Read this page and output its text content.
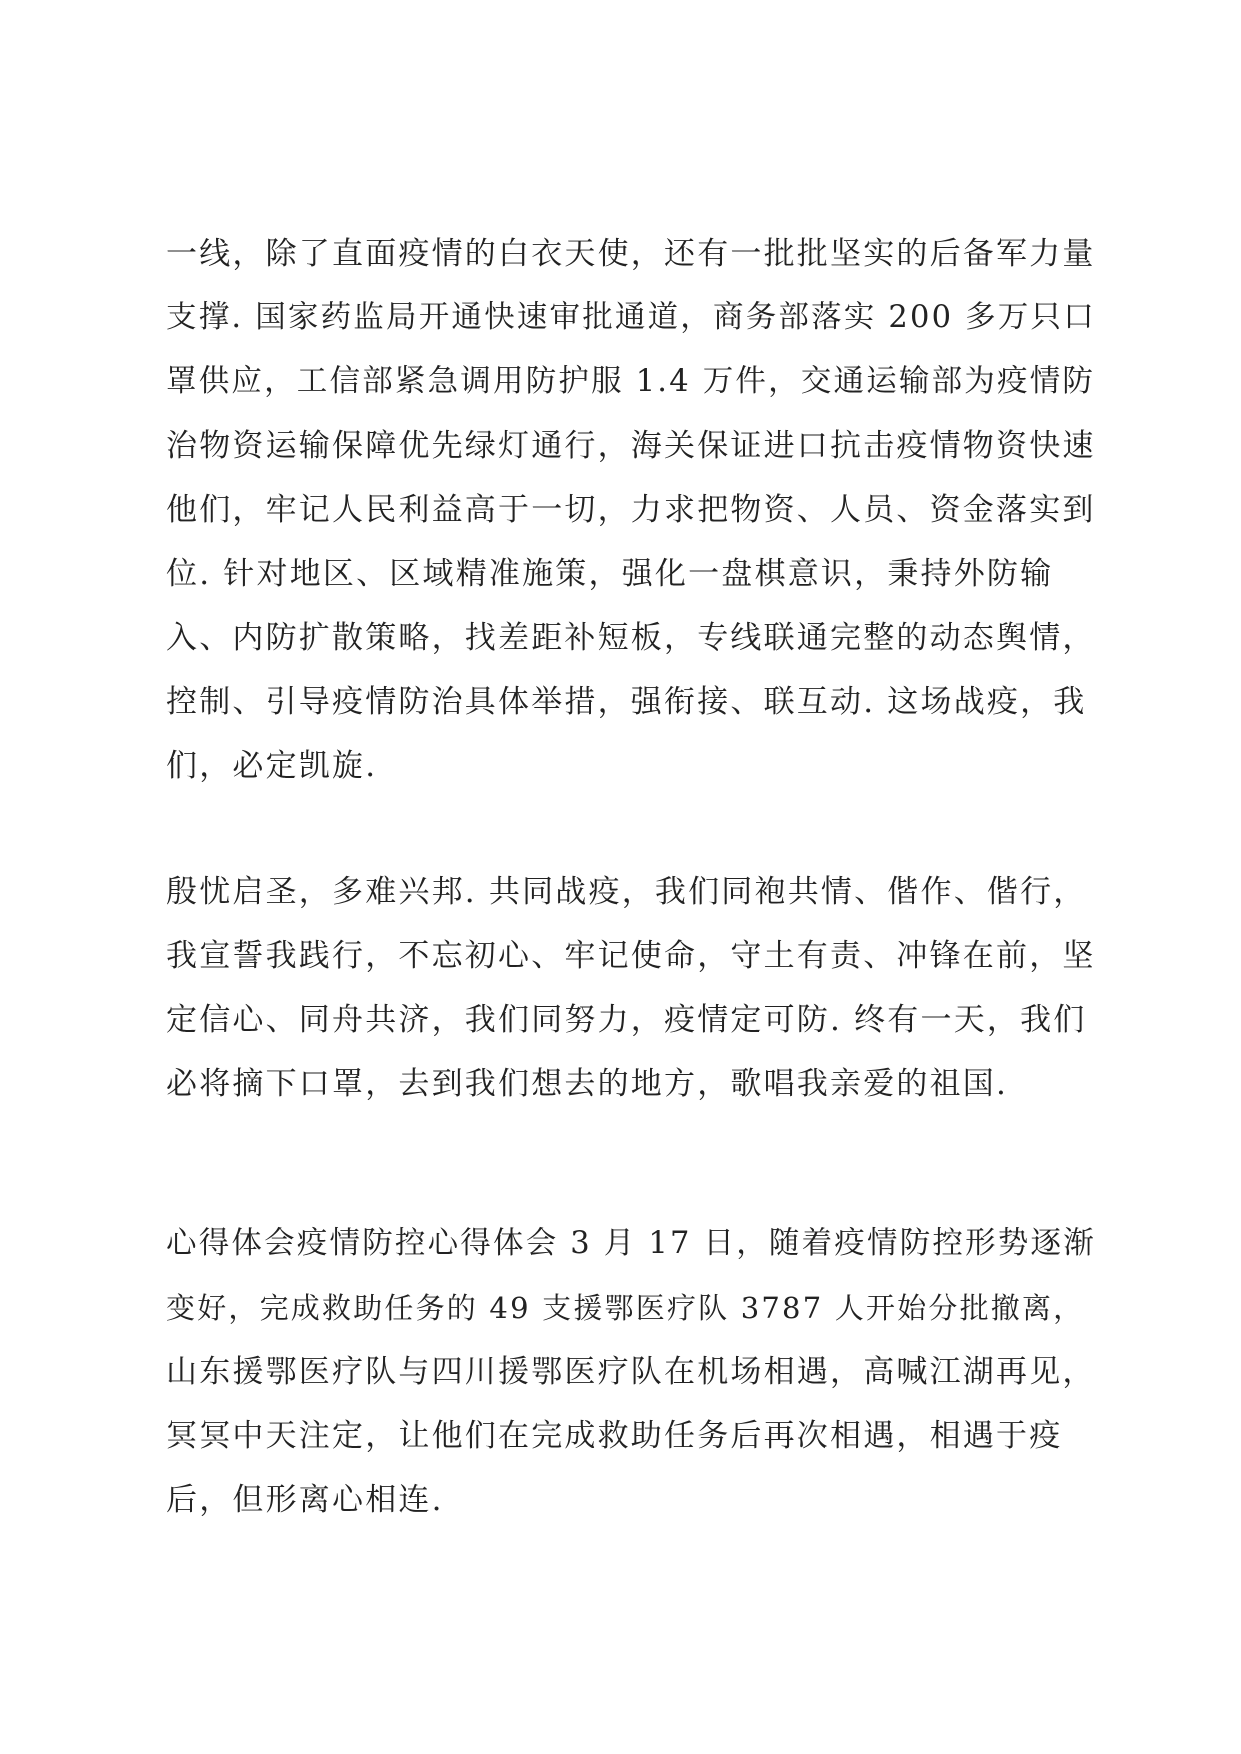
一线，除了直面疫情的白衣天使，还有一批批坚实的后备军力量
支撑. 国家药监局开通快速审批通道，商务部落实 200 多万只口
罩供应，工信部紧急调用防护服 1.4 万件，交通运输部为疫情防
治物资运输保障优先绿灯通行，海关保证进口抗击疫情物资快速
他们，牢记人民利益高于一切，力求把物资、人员、资金落实到
位. 针对地区、区域精准施策，强化一盘棋意识，秉持外防输
入、内防扩散策略，找差距补短板，专线联通完整的动态舆情，
控制、引导疫情防治具体举措，强衔接、联互动. 这场战疫，我
们，必定凯旋.
殷忧启圣，多难兴邦. 共同战疫，我们同袍共情、偕作、偕行，
我宣誓我践行，不忘初心、牢记使命，守土有责、冲锋在前，坚
定信心、同舟共济，我们同努力，疫情定可防. 终有一天，我们
必将摘下口罩，去到我们想去的地方，歌唱我亲爱的祖国.
心得体会疫情防控心得体会 3 月 17 日，随着疫情防控形势逐渐
变好，完成救助任务的 49 支援鄂医疗队 3787 人开始分批撤离，
山东援鄂医疗队与四川援鄂医疗队在机场相遇，高喊江湖再见，
冥冥中天注定，让他们在完成救助任务后再次相遇，相遇于疫
后，但形离心相连.
